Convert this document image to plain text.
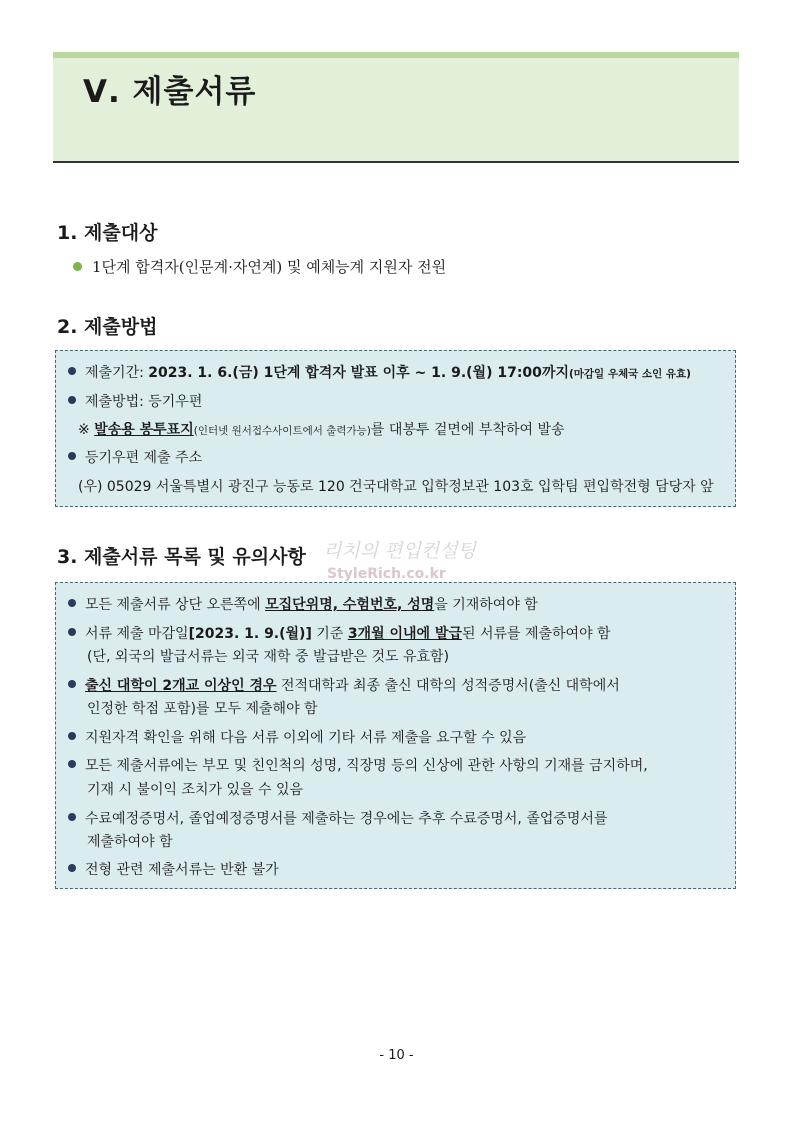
Ⅴ. 제출서류
1. 제출대상
1단계 합격자(인문계·자연계) 및 예체능계 지원자 전원
2. 제출방법
제출기간: 2023. 1. 6.(금) 1단계 합격자 발표 이후 ~ 1. 9.(월) 17:00까지(마감일 우체국 소인 유효)
제출방법: 등기우편
※ 발송용 봉투표지(인터넷 원서접수사이트에서 출력가능)를 대봉투 겉면에 부착하여 발송
등기우편 제출 주소
(우) 05029 서울특별시 광진구 능동로 120 건국대학교 입학정보관 103호 입학팀 편입학전형 담당자 앞
3. 제출서류 목록 및 유의사항 리치의 편입컨설팅
StyleRich.co.kr
모든 제출서류 상단 오른쪽에 모집단위명, 수험번호, 성명을 기재하여야 함
서류 제출 마감일[2023. 1. 9.(월)] 기준 3개월 이내에 발급된 서류를 제출하여야 함
(단, 외국의 발급서류는 외국 재학 중 발급받은 것도 유효함)
출신 대학이 2개교 이상인 경우 전적대학과 최종 출신 대학의 성적증명서(출신 대학에서
인정한 학점 포함)를 모두 제출해야 함
지원자격 확인을 위해 다음 서류 이외에 기타 서류 제출을 요구할 수 있음
모든 제출서류에는 부모 및 친인척의 성명, 직장명 등의 신상에 관한 사항의 기재를 금지하며,
기재 시 불이익 조치가 있을 수 있음
수료예정증명서, 졸업예정증명서를 제출하는 경우에는 추후 수료증명서, 졸업증명서를
제출하여야 함
전형 관련 제출서류는 반환 불가
- 10 -
